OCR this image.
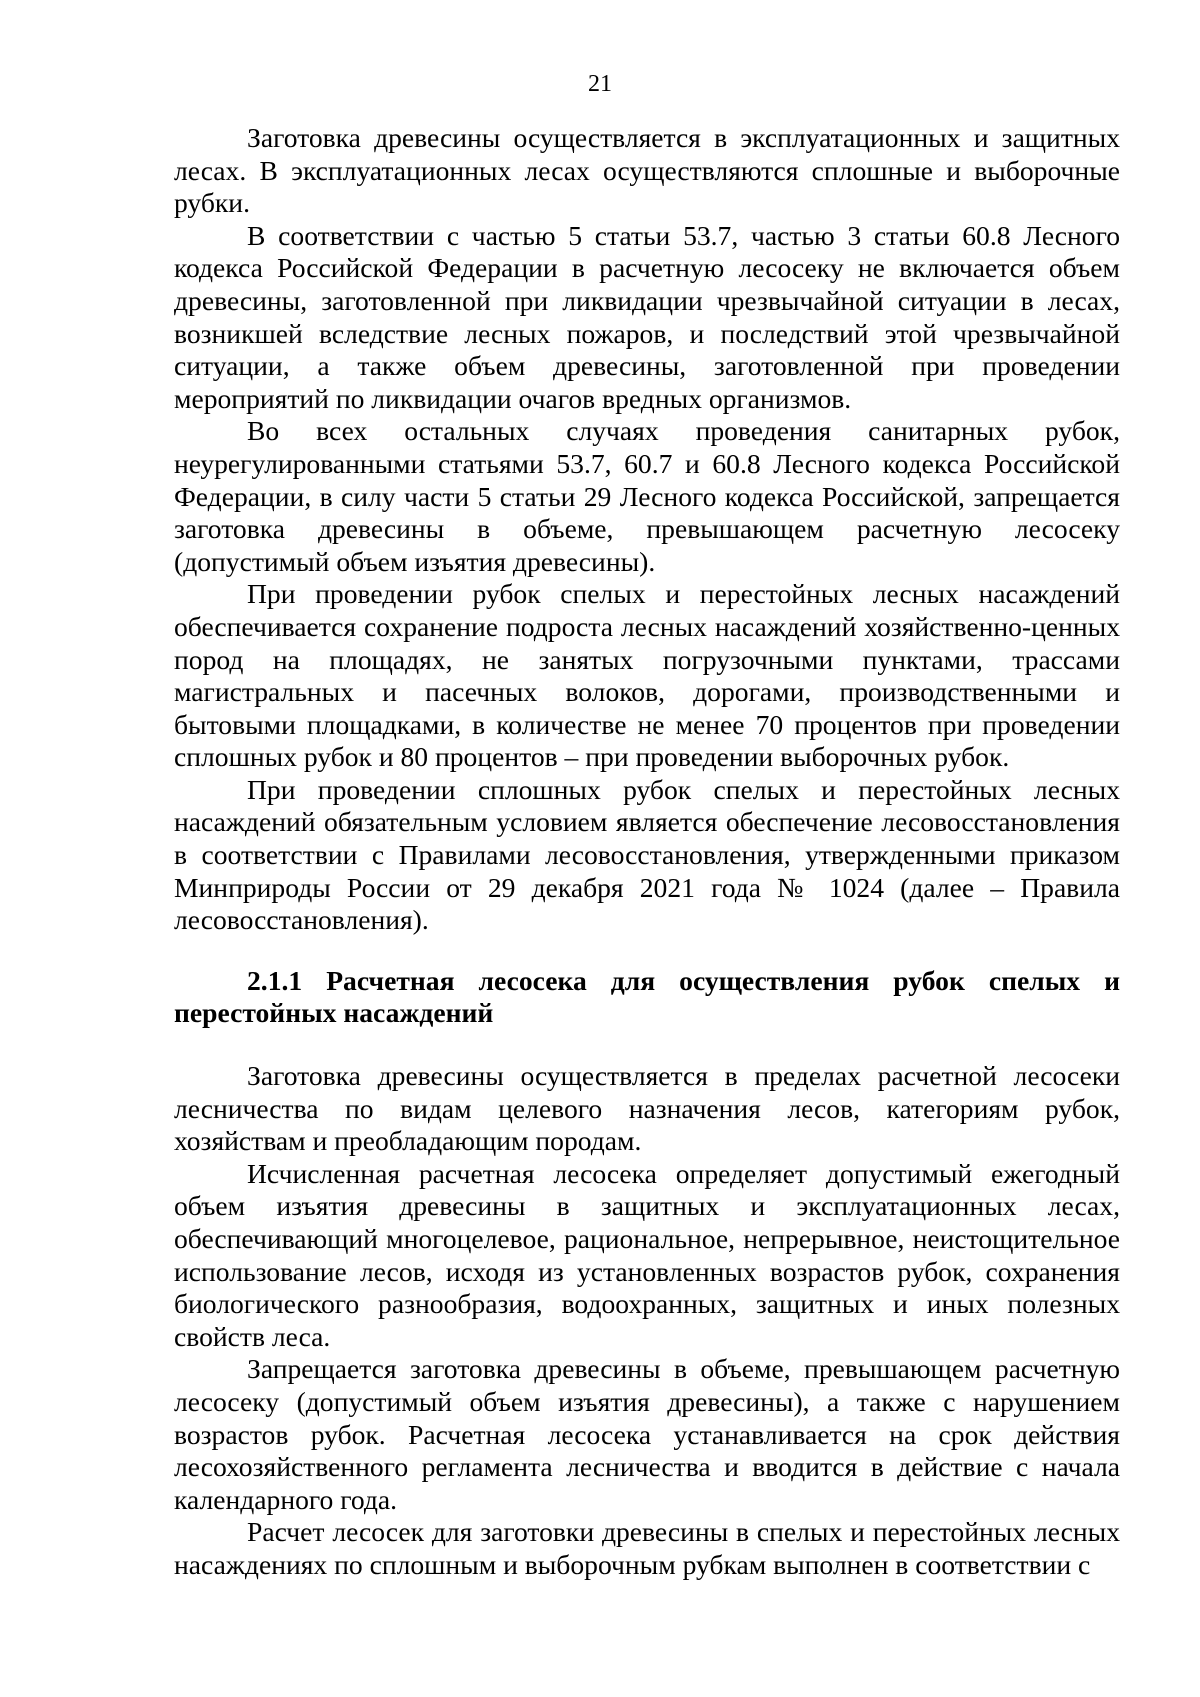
21

Заготовка древесины осуществляется в эксплуатационных и защитных лесах. В эксплуатационных лесах осуществляются сплошные и выборочные рубки.

В соответствии с частью 5 статьи 53.7, частью 3 статьи 60.8 Лесного кодекса Российской Федерации в расчетную лесосеку не включается объем древесины, заготовленной при ликвидации чрезвычайной ситуации в лесах, возникшей вследствие лесных пожаров, и последствий этой чрезвычайной ситуации, а также объем древесины, заготовленной при проведении мероприятий по ликвидации очагов вредных организмов.

Во всех остальных случаях проведения санитарных рубок, неурегулированными статьями 53.7, 60.7 и 60.8 Лесного кодекса Российской Федерации, в силу части 5 статьи 29 Лесного кодекса Российской, запрещается заготовка древесины в объеме, превышающем расчетную лесосеку (допустимый объем изъятия древесины).

При проведении рубок спелых и перестойных лесных насаждений обеспечивается сохранение подроста лесных насаждений хозяйственно-ценных пород на площадях, не занятых погрузочными пунктами, трассами магистральных и пасечных волоков, дорогами, производственными и бытовыми площадками, в количестве не менее 70 процентов при проведении сплошных рубок и 80 процентов – при проведении выборочных рубок.

При проведении сплошных рубок спелых и перестойных лесных насаждений обязательным условием является обеспечение лесовосстановления в соответствии с Правилами лесовосстановления, утвержденными приказом Минприроды России от 29 декабря 2021 года № 1024 (далее – Правила лесовосстановления).

2.1.1 Расчетная лесосека для осуществления рубок спелых и перестойных насаждений

Заготовка древесины осуществляется в пределах расчетной лесосеки лесничества по видам целевого назначения лесов, категориям рубок, хозяйствам и преобладающим породам.

Исчисленная расчетная лесосека определяет допустимый ежегодный объем изъятия древесины в защитных и эксплуатационных лесах, обеспечивающий многоцелевое, рациональное, непрерывное, неистощительное использование лесов, исходя из установленных возрастов рубок, сохранения биологического разнообразия, водоохранных, защитных и иных полезных свойств леса.

Запрещается заготовка древесины в объеме, превышающем расчетную лесосеку (допустимый объем изъятия древесины), а также с нарушением возрастов рубок. Расчетная лесосека устанавливается на срок действия лесохозяйственного регламента лесничества и вводится в действие с начала календарного года.

Расчет лесосек для заготовки древесины в спелых и перестойных лесных насаждениях по сплошным и выборочным рубкам выполнен в соответствии с
